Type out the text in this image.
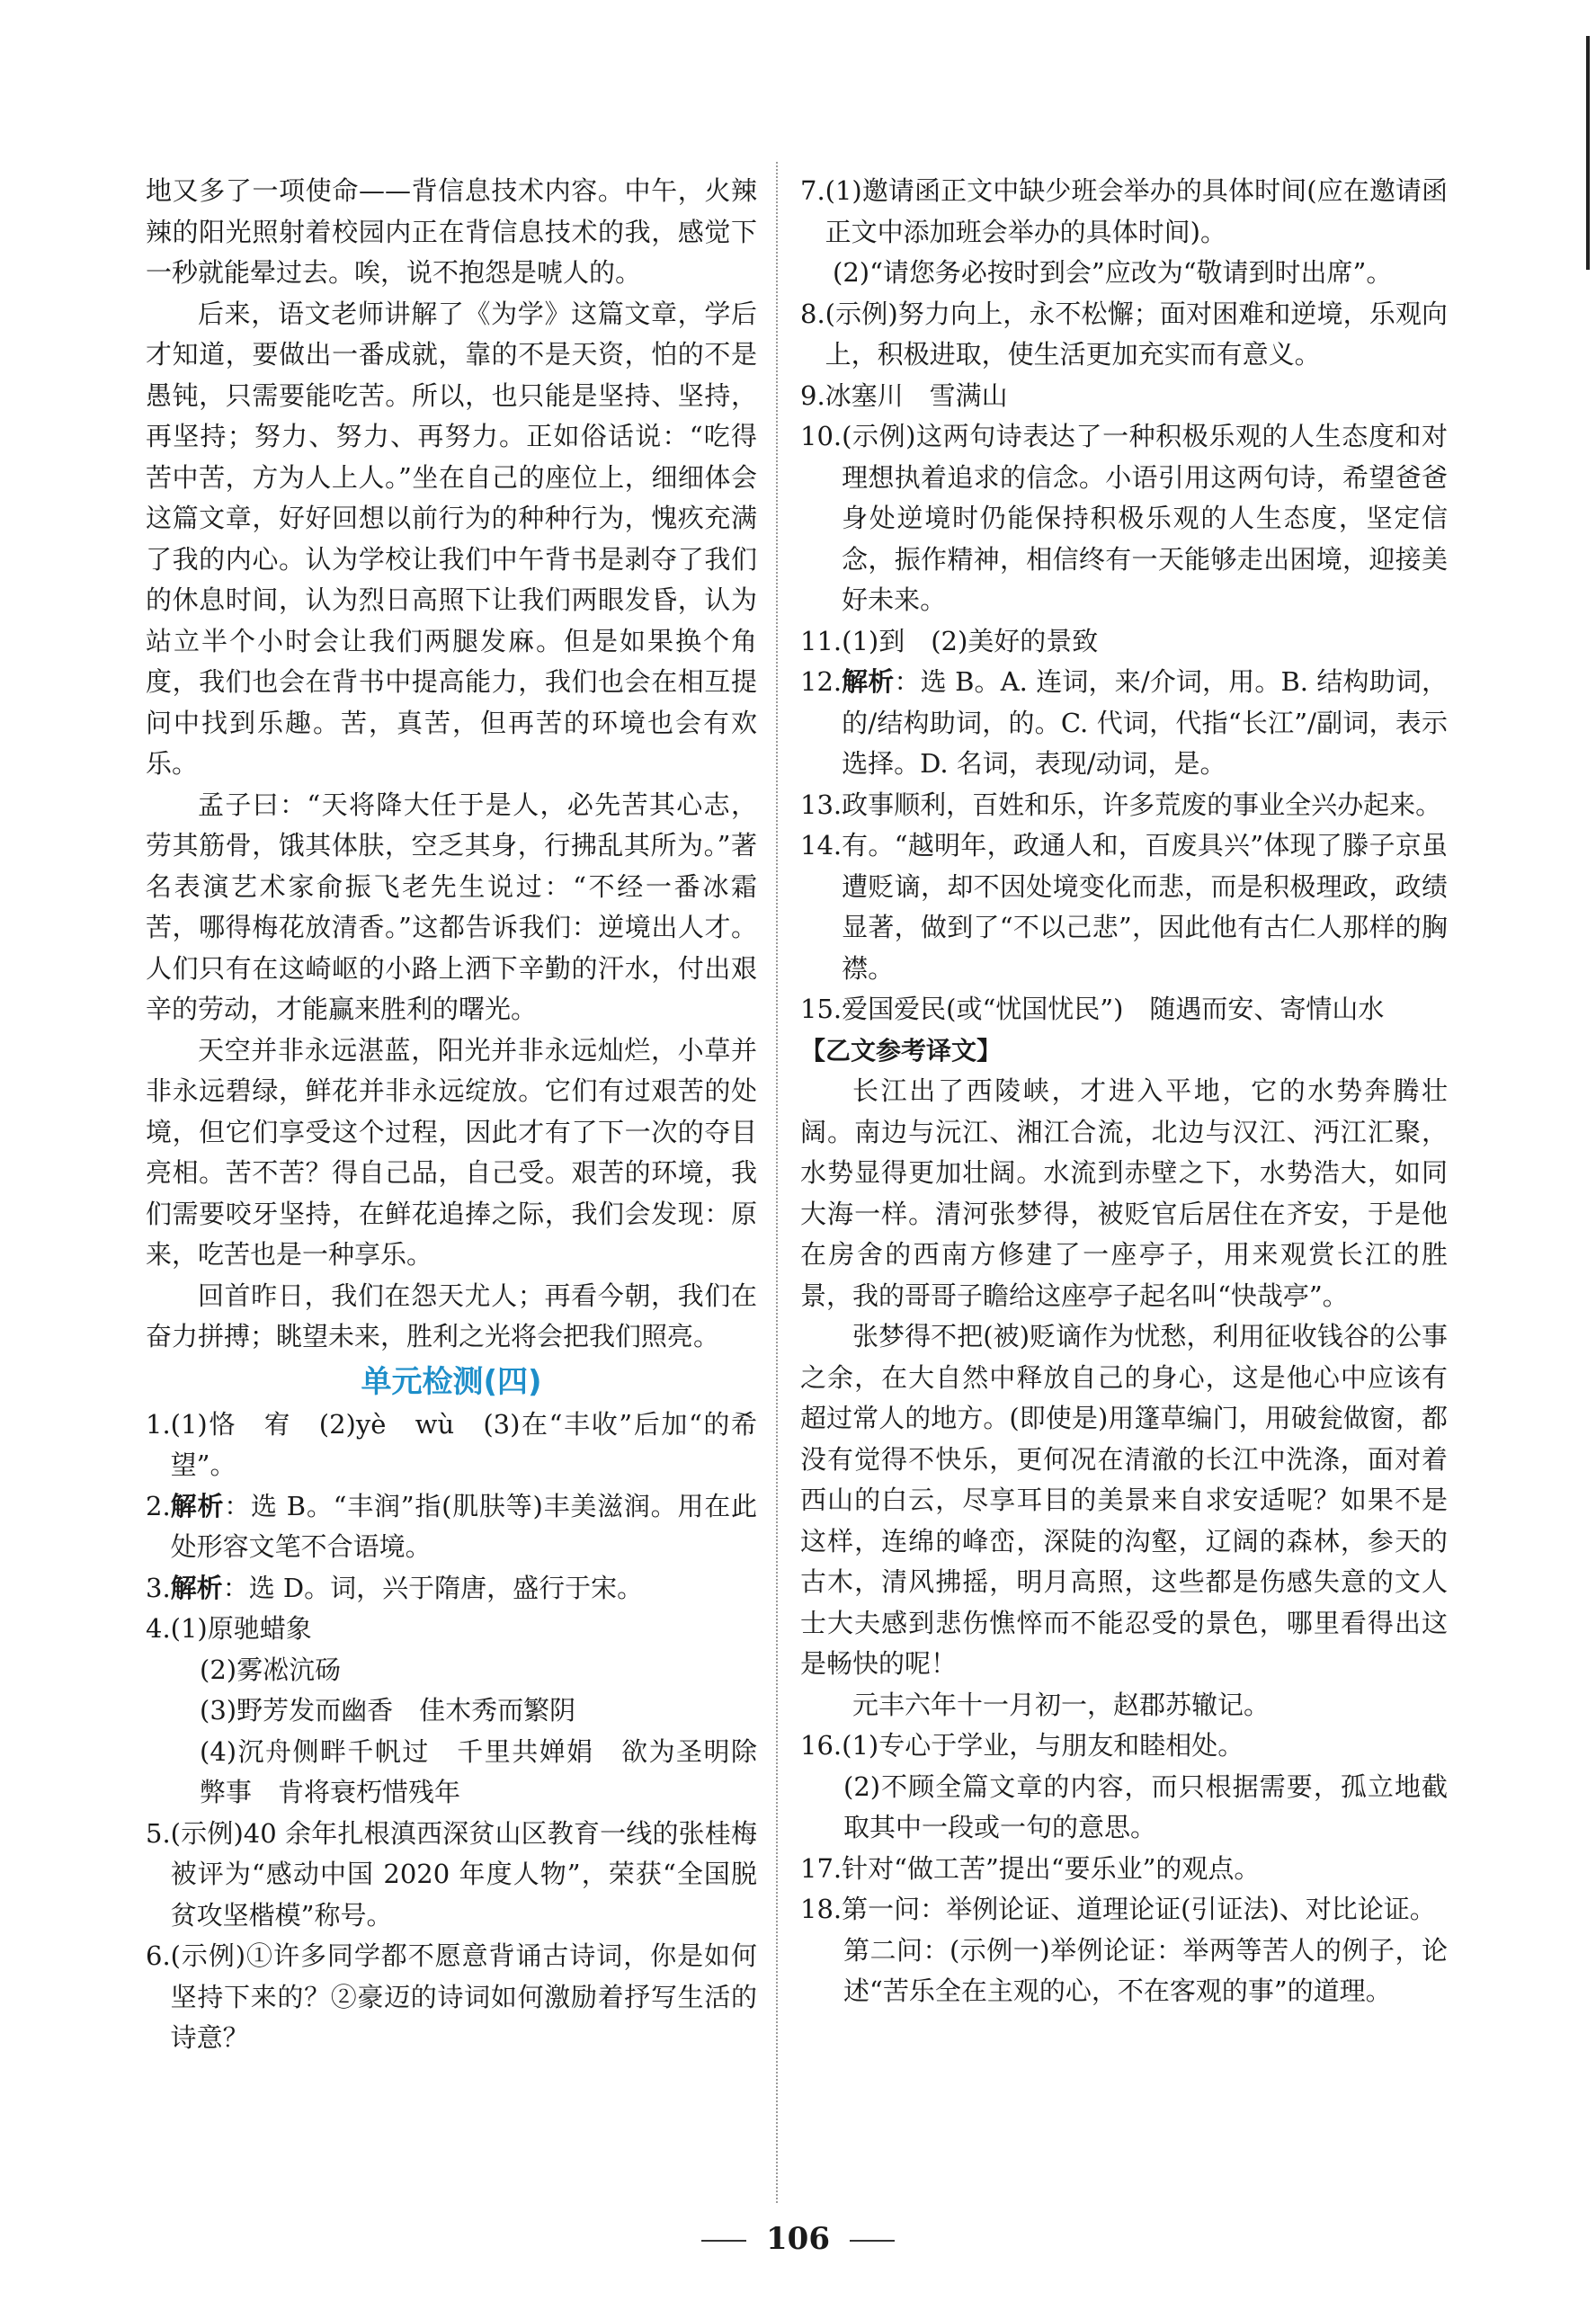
地又多了一项使命——背信息技术内容。中午，火辣辣的阳光照射着校园内正在背信息技术的我，感觉下一秒就能晕过去。唉，说不抱怨是唬人的。

后来，语文老师讲解了《为学》这篇文章，学后才知道，要做出一番成就，靠的不是天资，怕的不是愚钝，只需要能吃苦。所以，也只能是坚持、坚持，再坚持；努力、努力、再努力。正如俗话说：“吃得苦中苦，方为人上人。”坐在自己的座位上，细细体会这篇文章，好好回想以前行为的种种行为，愧疚充满了我的内心。认为学校让我们中午背书是剥夺了我们的休息时间，认为烈日高照下让我们两眼发昏，认为站立半个小时会让我们两腿发麻。但是如果换个角度，我们也会在背书中提高能力，我们也会在相互提问中找到乐趣。苦，真苦，但再苦的环境也会有欢乐。

孟子曰：“天将降大任于是人，必先苦其心志，劳其筋骨，饿其体肤，空乏其身，行拂乱其所为。”著名表演艺术家俞振飞老先生说过：“不经一番冰霜苦，哪得梅花放清香。”这都告诉我们：逆境出人才。人们只有在这崎岖的小路上洒下辛勤的汗水，付出艰辛的劳动，才能赢来胜利的曙光。

天空并非永远湛蓝，阳光并非永远灿烂，小草并非永远碧绿，鲜花并非永远绽放。它们有过艰苦的处境，但它们享受这个过程，因此才有了下一次的夺目亮相。苦不苦？得自己品，自己受。艰苦的环境，我们需要咬牙坚持，在鲜花追捧之际，我们会发现：原来，吃苦也是一种享乐。

回首昨日，我们在怨天尤人；再看今朝，我们在奋力拼搏；眺望未来，胜利之光将会把我们照亮。

单元检测(四)
1. (1)恪　宥　(2)yè　wù　(3)在“丰收”后加“的希望”。
2. 解析：选 B。“丰润”指(肌肤等)丰美滋润。用在此处形容文笔不合语境。
3. 解析：选 D。词，兴于隋唐，盛行于宋。
4. (1)原驰蜡象

(2)雾凇沆砀

(3)野芳发而幽香　佳木秀而繁阴

(4)沉舟侧畔千帆过　千里共婵娟　欲为圣明除弊事　肯将衰朽惜残年

5. (示例)40 余年扎根滇西深贫山区教育一线的张桂梅被评为“感动中国 2020 年度人物”，荣获“全国脱贫攻坚楷模”称号。
6. (示例)①许多同学都不愿意背诵古诗词，你是如何坚持下来的？②豪迈的诗词如何激励着抒写生活的诗意？
7. (1)邀请函正文中缺少班会举办的具体时间(应在邀请函正文中添加班会举办的具体时间)。

(2)“请您务必按时到会”应改为“敬请到时出席”。

8. (示例)努力向上，永不松懈；面对困难和逆境，乐观向上，积极进取，使生活更加充实而有意义。
9. 冰塞川　雪满山
10. (示例)这两句诗表达了一种积极乐观的人生态度和对理想执着追求的信念。小语引用这两句诗，希望爸爸身处逆境时仍能保持积极乐观的人生态度，坚定信念，振作精神，相信终有一天能够走出困境，迎接美好未来。
11. (1)到　(2)美好的景致
12. 解析：选 B。A. 连词，来/介词，用。B. 结构助词，的/结构助词，的。C. 代词，代指“长江”/副词，表示选择。D. 名词，表现/动词，是。
13. 政事顺利，百姓和乐，许多荒废的事业全兴办起来。
14. 有。“越明年，政通人和，百废具兴”体现了滕子京虽遭贬谪，却不因处境变化而悲，而是积极理政，政绩显著，做到了“不以己悲”，因此他有古仁人那样的胸襟。
15. 爱国爱民(或“忧国忧民”)　随遇而安、寄情山水

【乙文参考译文】

长江出了西陵峡，才进入平地，它的水势奔腾壮阔。南边与沅江、湘江合流，北边与汉江、沔江汇聚，水势显得更加壮阔。水流到赤壁之下，水势浩大，如同大海一样。清河张梦得，被贬官后居住在齐安，于是他在房舍的西南方修建了一座亭子，用来观赏长江的胜景，我的哥哥子瞻给这座亭子起名叫“快哉亭”。

张梦得不把(被)贬谪作为忧愁，利用征收钱谷的公事之余，在大自然中释放自己的身心，这是他心中应该有超过常人的地方。(即使是)用篷草编门，用破瓮做窗，都没有觉得不快乐，更何况在清澈的长江中洗涤，面对着西山的白云，尽享耳目的美景来自求安适呢？如果不是这样，连绵的峰峦，深陡的沟壑，辽阔的森林，参天的古木，清风拂摇，明月高照，这些都是伤感失意的文人士大夫感到悲伤憔悴而不能忍受的景色，哪里看得出这是畅快的呢！

元丰六年十一月初一，赵郡苏辙记。

16. (1)专心于学业，与朋友和睦相处。

(2)不顾全篇文章的内容，而只根据需要，孤立地截取其中一段或一句的意思。

17. 针对“做工苦”提出“要乐业”的观点。
18. 第一问：举例论证、道理论证(引证法)、对比论证。

第二问：(示例一)举例论证：举两等苦人的例子，论述“苦乐全在主观的心，不在客观的事”的道理。

106
